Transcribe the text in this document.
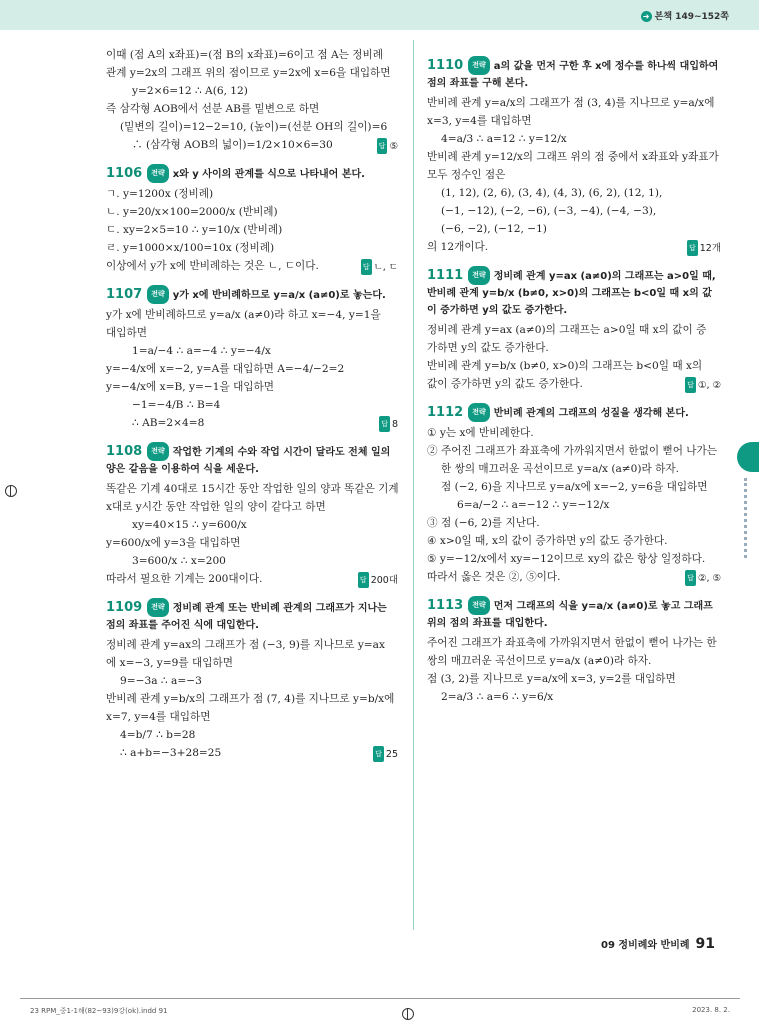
➜ 본책 149~152쪽
이때 (점 A의 x좌표)=(점 B의 x좌표)=6이고 점 A는 정비례
관계 y=2x의 그래프 위의 점이므로 y=2x에 x=6을 대입하면
y=2×6=12 ∴ A(6, 12)
즉 삼각형 AOB에서 선분 AB를 밑변으로 하면
(밑변의 길이)=12−2=10, (높이)=(선분 OH의 길이)=6
∴ (삼각형 AOB의 넓이)=1/2×10×6=30	답 ⑤
1106 전략 x와 y 사이의 관계를 식으로 나타내어 본다.
ㄱ. y=1200x (정비례)
ㄴ. y=20/x×100=2000/x (반비례)
ㄷ. xy=2×5=10 ∴ y=10/x (반비례)
ㄹ. y=1000×x/100=10x (정비례)
이상에서 y가 x에 반비례하는 것은 ㄴ, ㄷ이다.	답 ㄴ, ㄷ
1107 전략 y가 x에 반비례하므로 y=a/x (a≠0)로 놓는다.
y가 x에 반비례하므로 y=a/x (a≠0)라 하고 x=−4, y=1을
대입하면
1=a/−4 ∴ a=−4 ∴ y=−4/x
y=−4/x에 x=−2, y=A를 대입하면 A=−4/−2=2
y=−4/x에 x=B, y=−1을 대입하면
−1=−4/B ∴ B=4
∴ AB=2×4=8	답 8
1108 전략 작업한 기계의 수와 작업 시간이 달라도 전체 일의 양은 같음을 이용하여 식을 세운다.
똑같은 기계 40대로 15시간 동안 작업한 일의 양과 똑같은 기계
x대로 y시간 동안 작업한 일의 양이 같다고 하면
xy=40×15 ∴ y=600/x
y=600/x에 y=3을 대입하면
3=600/x ∴ x=200
따라서 필요한 기계는 200대이다.	답 200대
1109 전략 정비례 관계 또는 반비례 관계의 그래프가 지나는 점의 좌표를 주어진 식에 대입한다.
정비례 관계 y=ax의 그래프가 점 (−3, 9)를 지나므로 y=ax
에 x=−3, y=9를 대입하면
9=−3a ∴ a=−3
반비례 관계 y=b/x의 그래프가 점 (7, 4)를 지나므로 y=b/x에
x=7, y=4를 대입하면
4=b/7 ∴ b=28
∴ a+b=−3+28=25	답 25
1110 전략 a의 값을 먼저 구한 후 x에 정수를 하나씩 대입하여 점의 좌표를 구해 본다.
반비례 관계 y=a/x의 그래프가 점 (3, 4)를 지나므로 y=a/x에
x=3, y=4를 대입하면
4=a/3 ∴ a=12 ∴ y=12/x
반비례 관계 y=12/x의 그래프 위의 점 중에서 x좌표와 y좌표가
모두 정수인 점은
(1, 12), (2, 6), (3, 4), (4, 3), (6, 2), (12, 1),
(−1, −12), (−2, −6), (−3, −4), (−4, −3),
(−6, −2), (−12, −1)
의 12개이다.	답 12개
1111 전략 정비례 관계 y=ax (a≠0)의 그래프는 a>0일 때, 반비례 관계 y=b/x (b≠0, x>0)의 그래프는 b<0일 때 x의 값이 증가하면 y의 값도 증가한다.
정비례 관계 y=ax (a≠0)의 그래프는 a>0일 때 x의 값이 증
가하면 y의 값도 증가한다.
반비례 관계 y=b/x (b≠0, x>0)의 그래프는 b<0일 때 x의
값이 증가하면 y의 값도 증가한다.	답 ①, ②
1112 전략 반비례 관계의 그래프의 성질을 생각해 본다.
① y는 x에 반비례한다.
② 주어진 그래프가 좌표축에 가까워지면서 한없이 뻗어 나가는
한 쌍의 매끄러운 곡선이므로 y=a/x (a≠0)라 하자.
점 (−2, 6)을 지나므로 y=a/x에 x=−2, y=6을 대입하면
6=a/−2 ∴ a=−12 ∴ y=−12/x
③ 점 (−6, 2)를 지난다.
④ x>0일 때, x의 값이 증가하면 y의 값도 증가한다.
⑤ y=−12/x에서 xy=−12이므로 xy의 값은 항상 일정하다.
따라서 옳은 것은 ②, ⑤이다.	답 ②, ⑤
1113 전략 먼저 그래프의 식을 y=a/x (a≠0)로 놓고 그래프 위의 점의 좌표를 대입한다.
주어진 그래프가 좌표축에 가까워지면서 한없이 뻗어 나가는 한
쌍의 매끄러운 곡선이므로 y=a/x (a≠0)라 하자.
점 (3, 2)를 지나므로 y=a/x에 x=3, y=2를 대입하면
2=a/3 ∴ a=6 ∴ y=6/x
09 정비례와 반비례 91
23 RPM_중1-1해(82~93)9강(ok).indd 91	2023. 8. 2.
